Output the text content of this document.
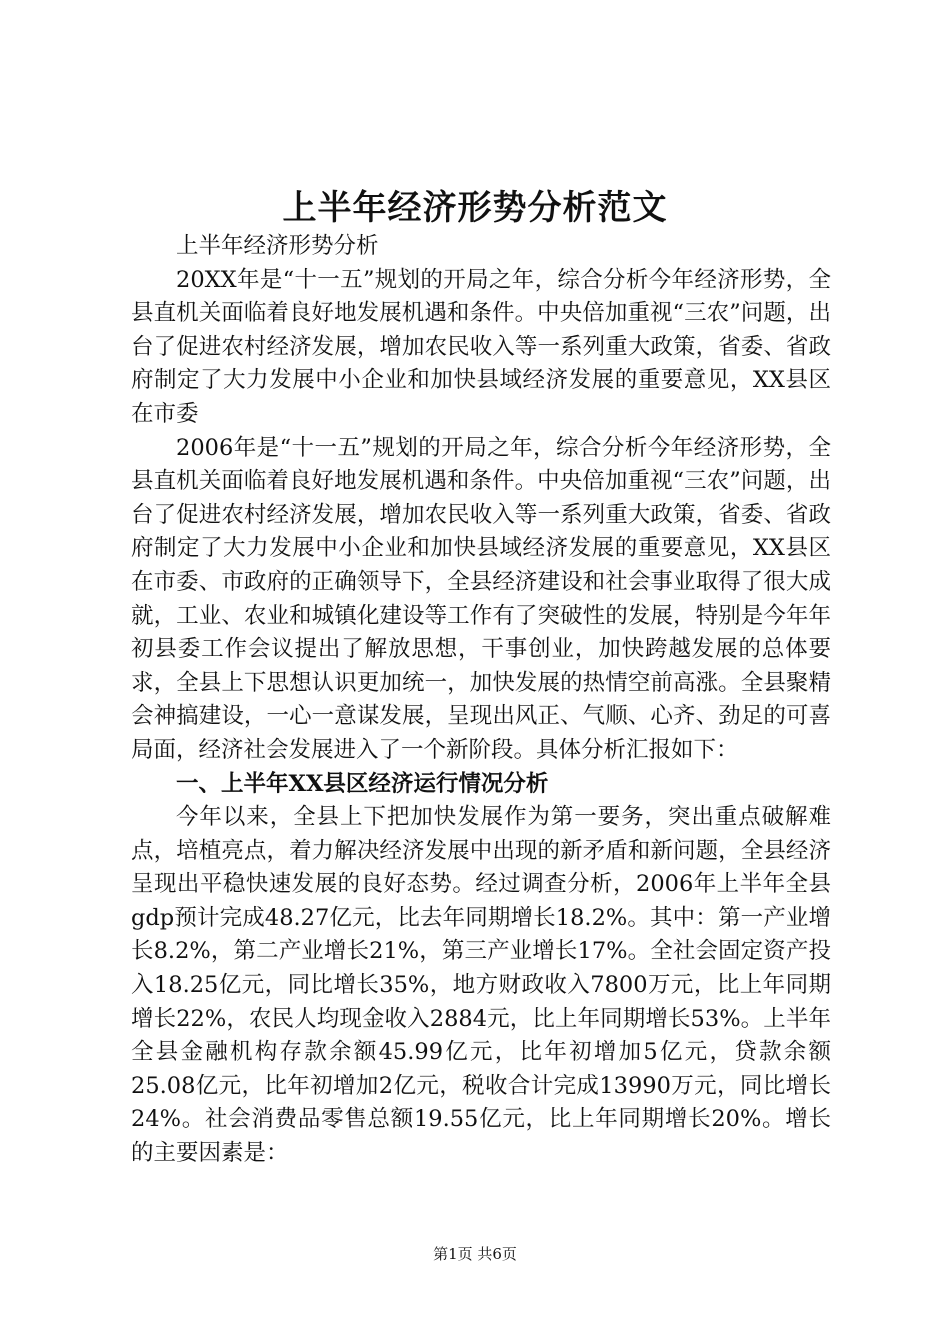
上半年经济形势分析范文

上半年经济形势分析

20XX年是“十一五”规划的开局之年，综合分析今年经济形势，全县直机关面临着良好地发展机遇和条件。中央倍加重视“三农”问题，出台了促进农村经济发展，增加农民收入等一系列重大政策，省委、省政府制定了大力发展中小企业和加快县域经济发展的重要意见，XX县区在市委

2006年是“十一五”规划的开局之年，综合分析今年经济形势，全县直机关面临着良好地发展机遇和条件。中央倍加重视“三农”问题，出台了促进农村经济发展，增加农民收入等一系列重大政策，省委、省政府制定了大力发展中小企业和加快县域经济发展的重要意见，XX县区在市委、市政府的正确领导下，全县经济建设和社会事业取得了很大成就，工业、农业和城镇化建设等工作有了突破性的发展，特别是今年年初县委工作会议提出了解放思想，干事创业，加快跨越发展的总体要求，全县上下思想认识更加统一，加快发展的热情空前高涨。全县聚精会神搞建设，一心一意谋发展，呈现出风正、气顺、心齐、劲足的可喜局面，经济社会发展进入了一个新阶段。具体分析汇报如下：

一、上半年XX县区经济运行情况分析

今年以来，全县上下把加快发展作为第一要务，突出重点破解难点，培植亮点，着力解决经济发展中出现的新矛盾和新问题，全县经济呈现出平稳快速发展的良好态势。经过调查分析，2006年上半年全县gdp预计完成48.27亿元，比去年同期增长18.2%。其中：第一产业增长8.2%，第二产业增长21%，第三产业增长17%。全社会固定资产投入18.25亿元，同比增长35%，地方财政收入7800万元，比上年同期增长22%，农民人均现金收入2884元，比上年同期增长53%。上半年全县金融机构存款余额45.99亿元，比年初增加5亿元，贷款余额25.08亿元，比年初增加2亿元，税收合计完成13990万元，同比增长24%。社会消费品零售总额19.55亿元，比上年同期增长20%。增长的主要因素是：

第1页 共6页
